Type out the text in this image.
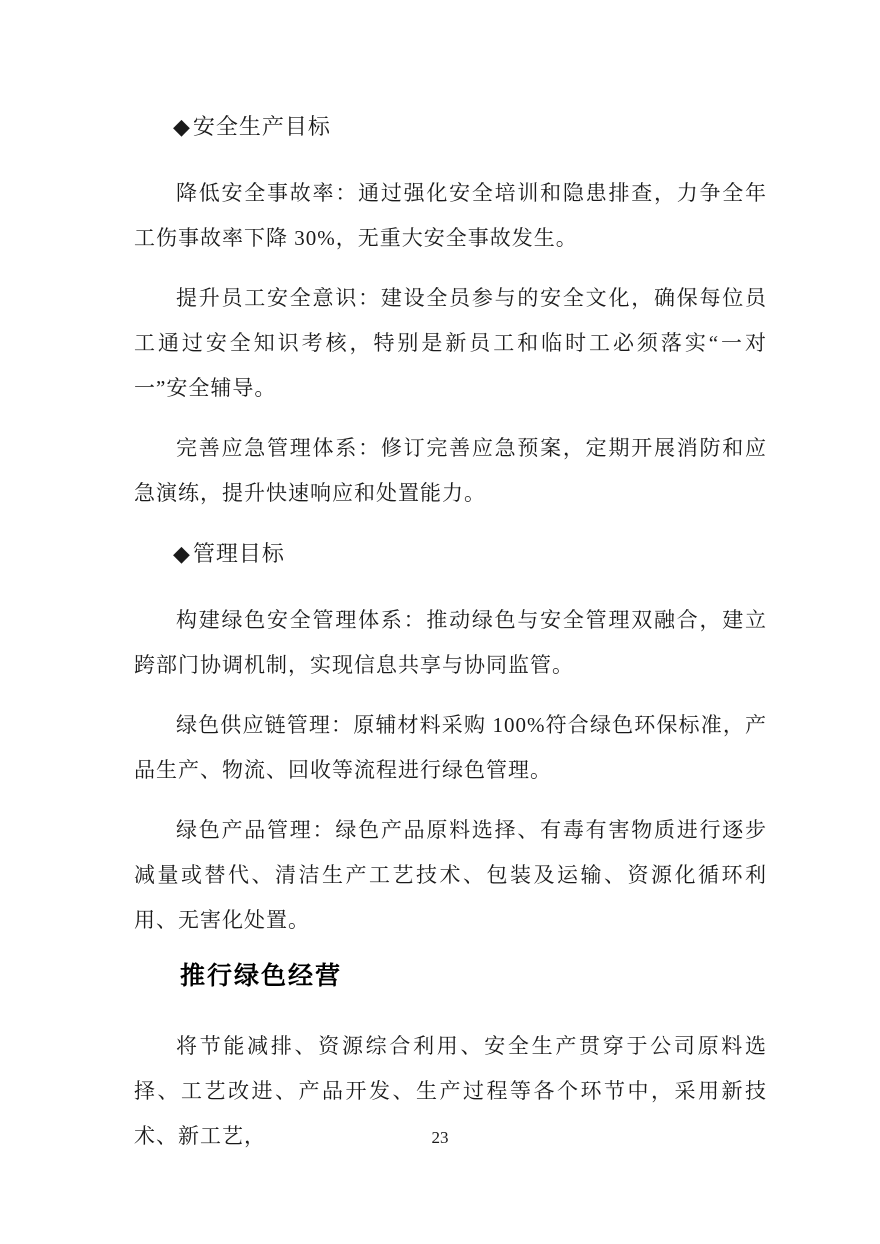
◆安全生产目标

降低安全事故率：通过强化安全培训和隐患排查，力争全年工伤事故率下降 30%，无重大安全事故发生。

提升员工安全意识：建设全员参与的安全文化，确保每位员工通过安全知识考核，特别是新员工和临时工必须落实“一对一”安全辅导。

完善应急管理体系：修订完善应急预案，定期开展消防和应急演练，提升快速响应和处置能力。

◆管理目标

构建绿色安全管理体系：推动绿色与安全管理双融合，建立跨部门协调机制，实现信息共享与协同监管。

绿色供应链管理：原辅材料采购 100%符合绿色环保标准，产品生产、物流、回收等流程进行绿色管理。

绿色产品管理：绿色产品原料选择、有毒有害物质进行逐步减量或替代、清洁生产工艺技术、包装及运输、资源化循环利用、无害化处置。

推行绿色经营

将节能减排、资源综合利用、安全生产贯穿于公司原料选择、工艺改进、产品开发、生产过程等各个环节中，采用新技术、新工艺，	23
